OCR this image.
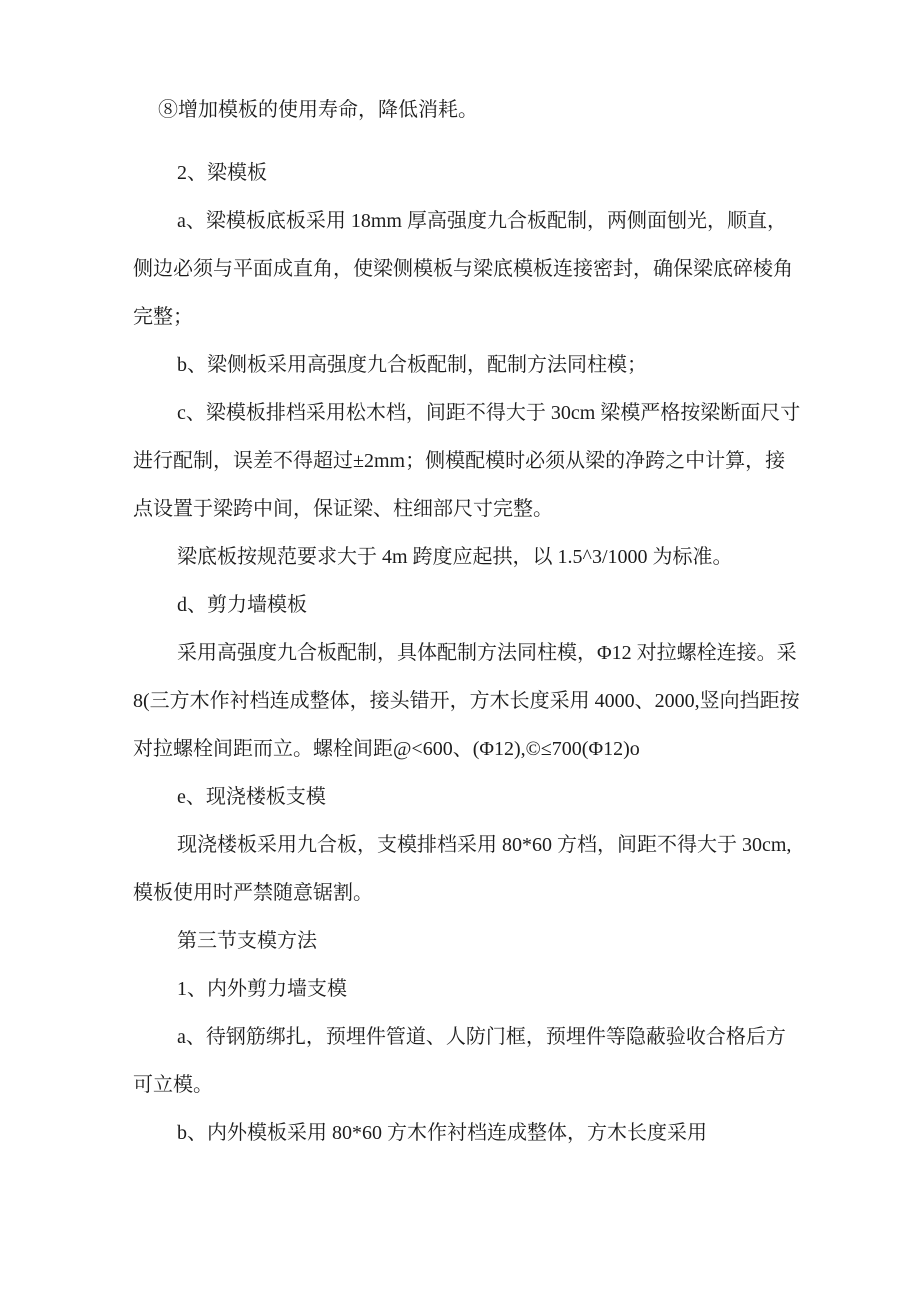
⑧增加模板的使用寿命，降低消耗。
2、梁模板
a、梁模板底板采用 18mm 厚高强度九合板配制，两侧面刨光，顺直，
侧边必须与平面成直角，使梁侧模板与梁底模板连接密封，确保梁底碎棱角
完整；
b、梁侧板采用高强度九合板配制，配制方法同柱模；
c、梁模板排档采用松木档，间距不得大于 30cm 梁模严格按梁断面尺寸
进行配制，误差不得超过±2mm；侧模配模时必须从梁的净跨之中计算，接
点设置于梁跨中间，保证梁、柱细部尺寸完整。
梁底板按规范要求大于 4m 跨度应起拱，以 1.5^3/1000 为标准。
d、剪力墙模板
采用高强度九合板配制，具体配制方法同柱模，Φ12 对拉螺栓连接。采
8(三方木作衬档连成整体，接头错开，方木长度采用 4000、2000,竖向挡距按
对拉螺栓间距而立。螺栓间距@<600、(Φ12),©≤700(Φ12)o
e、现浇楼板支模
现浇楼板采用九合板，支模排档采用 80*60 方档，间距不得大于 30cm,
模板使用时严禁随意锯割。
第三节支模方法
1、内外剪力墙支模
a、待钢筋绑扎，预埋件管道、人防门框，预埋件等隐蔽验收合格后方
可立模。
b、内外模板采用 80*60 方木作衬档连成整体，方木长度采用
